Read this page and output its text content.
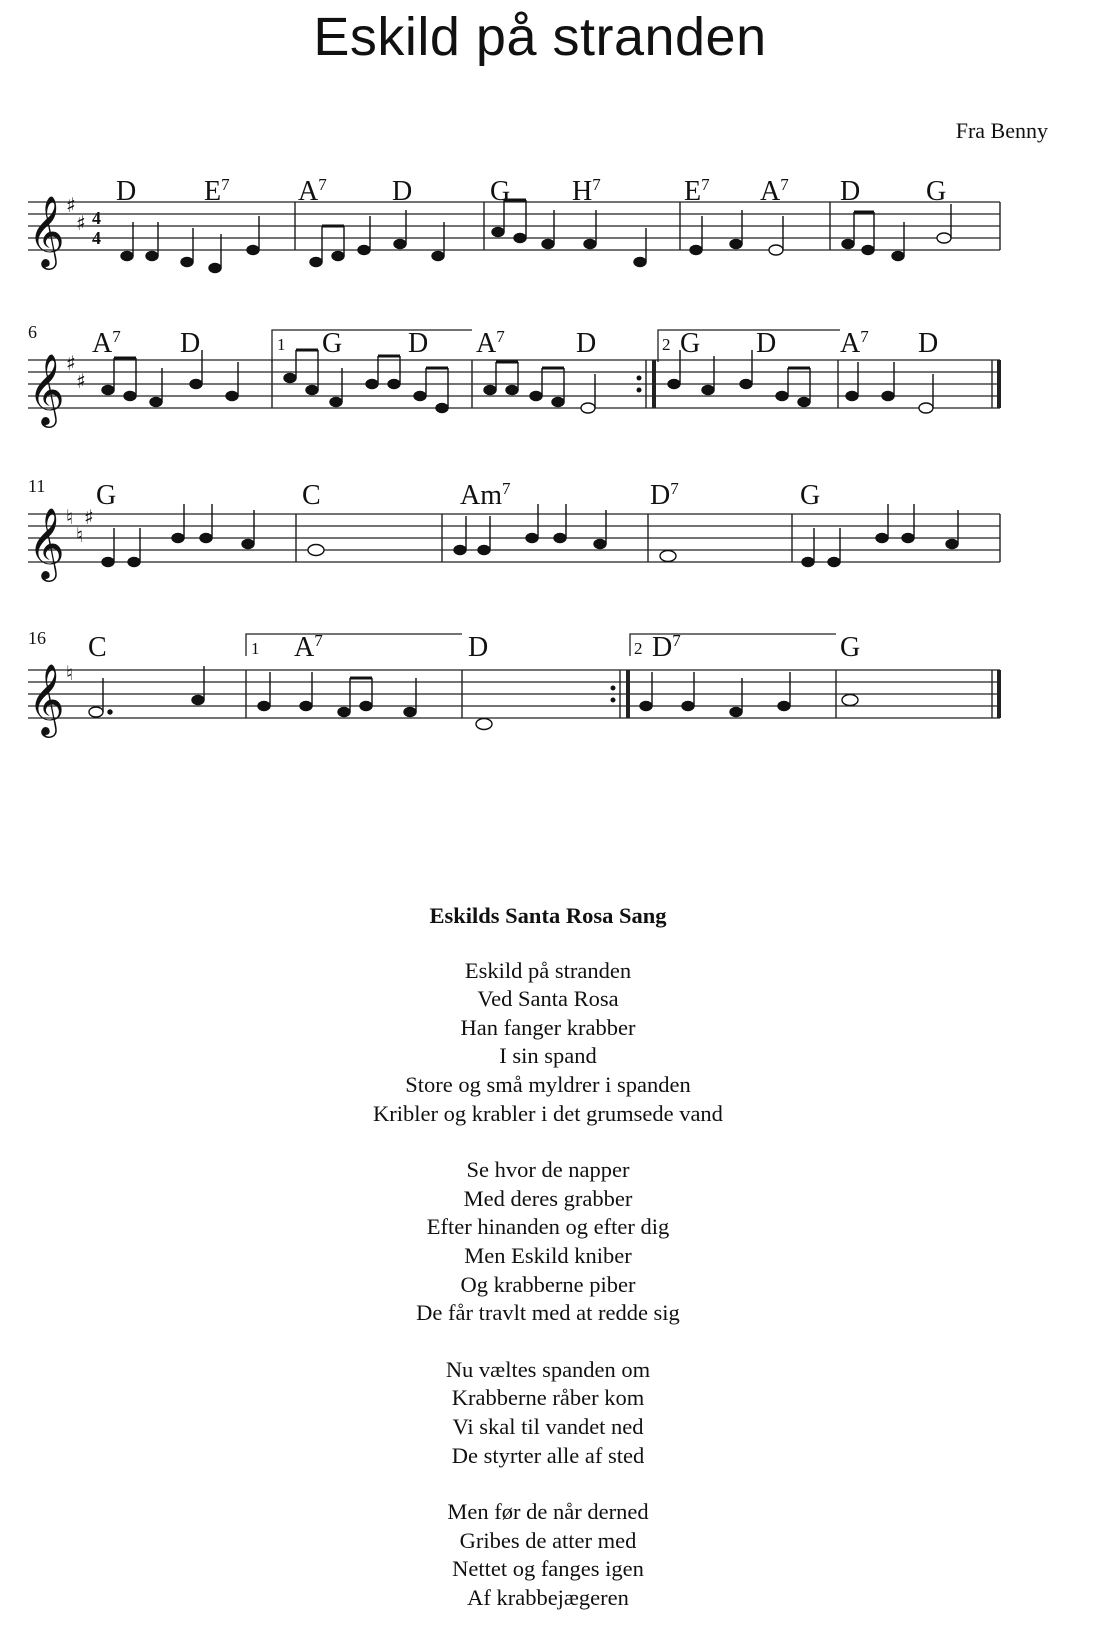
Eskild på stranden
Fra Benny
D $E^7$ $A^7$ D	G $H^7$	$E^7$ $A^7$ D G
𝄞 ♯
♯ 4
4
6
1	2
$A^7$ D	G D $A^7$	D	G D $A^7$ D
𝄞 ♯
♯
11 G	C	Am$^7$	$D^7$	G
𝄞 ♮
♮
♯
16
1	2
C	$A^7$	D	$D^7$	G
𝄞 ♮
Eskilds Santa Rosa Sang
Eskild på stranden
Ved Santa Rosa
Han fanger krabber
I sin spand
Store og små myldrer i spanden
Kribler og krabler i det grumsede vand
Se hvor de napper
Med deres grabber
Efter hinanden og efter dig
Men Eskild kniber
Og krabberne piber
De får travlt med at redde sig
Nu væltes spanden om
Krabberne råber kom
Vi skal til vandet ned
De styrter alle af sted
Men før de når derned
Gribes de atter med
Nettet og fanges igen
Af krabbejægeren
